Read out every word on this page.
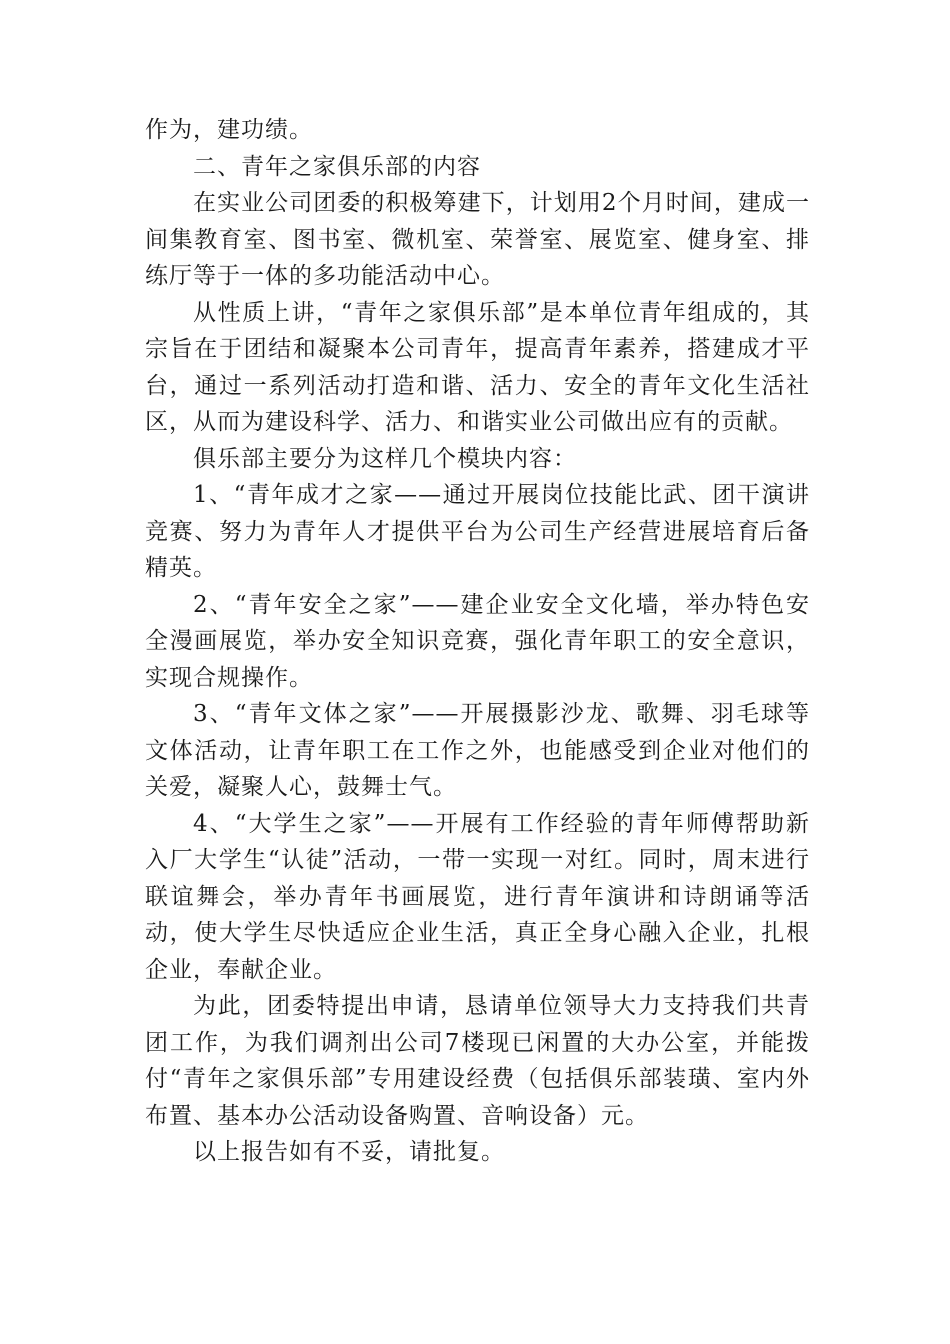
作为，建功绩。

二、青年之家俱乐部的内容

在实业公司团委的积极筹建下，计划用2个月时间，建成一间集教育室、图书室、微机室、荣誉室、展览室、健身室、排练厅等于一体的多功能活动中心。

从性质上讲，“青年之家俱乐部”是本单位青年组成的，其宗旨在于团结和凝聚本公司青年，提高青年素养，搭建成才平台，通过一系列活动打造和谐、活力、安全的青年文化生活社区，从而为建设科学、活力、和谐实业公司做出应有的贡献。

俱乐部主要分为这样几个模块内容：

1、“青年成才之家——通过开展岗位技能比武、团干演讲竞赛、努力为青年人才提供平台为公司生产经营进展培育后备精英。

2、“青年安全之家”——建企业安全文化墙，举办特色安全漫画展览，举办安全知识竞赛，强化青年职工的安全意识，实现合规操作。

3、“青年文体之家”——开展摄影沙龙、歌舞、羽毛球等文体活动，让青年职工在工作之外，也能感受到企业对他们的关爱，凝聚人心，鼓舞士气。

4、“大学生之家”——开展有工作经验的青年师傅帮助新入厂大学生“认徒”活动，一带一实现一对红。同时，周末进行联谊舞会，举办青年书画展览，进行青年演讲和诗朗诵等活动，使大学生尽快适应企业生活，真正全身心融入企业，扎根企业，奉献企业。

为此，团委特提出申请，恳请单位领导大力支持我们共青团工作，为我们调剂出公司7楼现已闲置的大办公室，并能拨付“青年之家俱乐部”专用建设经费（包括俱乐部装璜、室内外布置、基本办公活动设备购置、音响设备）元。

以上报告如有不妥，请批复。
